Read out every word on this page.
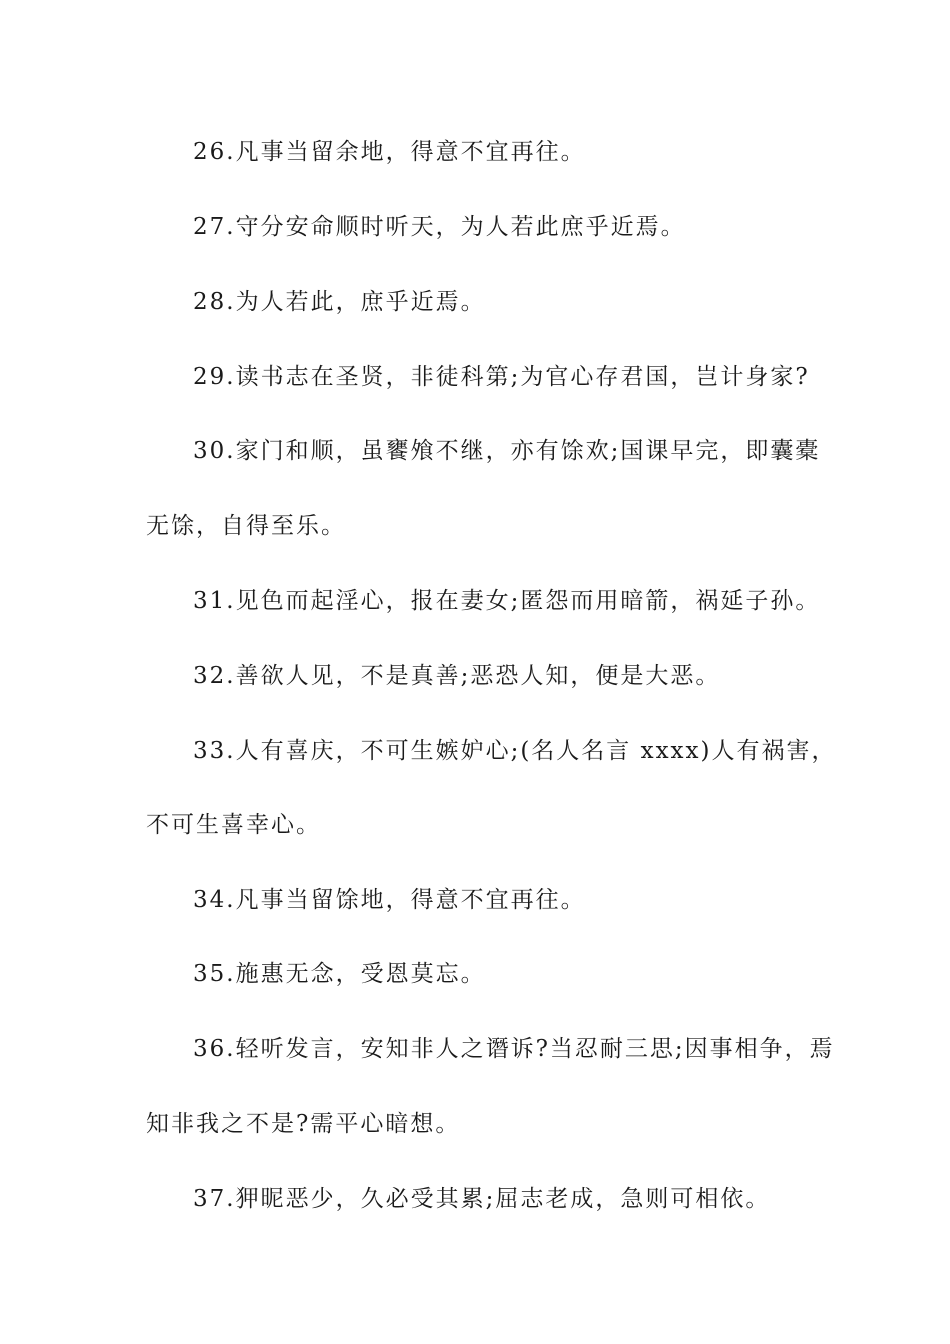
26.凡事当留余地，得意不宜再往。
27.守分安命顺时听天，为人若此庶乎近焉。
28.为人若此，庶乎近焉。
29.读书志在圣贤，非徒科第;为官心存君国，岂计身家?
30.家门和顺，虽饔飧不继，亦有馀欢;国课早完，即囊橐
无馀，自得至乐。
31.见色而起淫心，报在妻女;匿怨而用暗箭，祸延子孙。
32.善欲人见，不是真善;恶恐人知，便是大恶。
33.人有喜庆，不可生嫉妒心;(名人名言 xxxx)人有祸害，
不可生喜幸心。
34.凡事当留馀地，得意不宜再往。
35.施惠无念，受恩莫忘。
36.轻听发言，安知非人之谮诉?当忍耐三思;因事相争，焉
知非我之不是?需平心暗想。
37.狎昵恶少，久必受其累;屈志老成，急则可相依。
